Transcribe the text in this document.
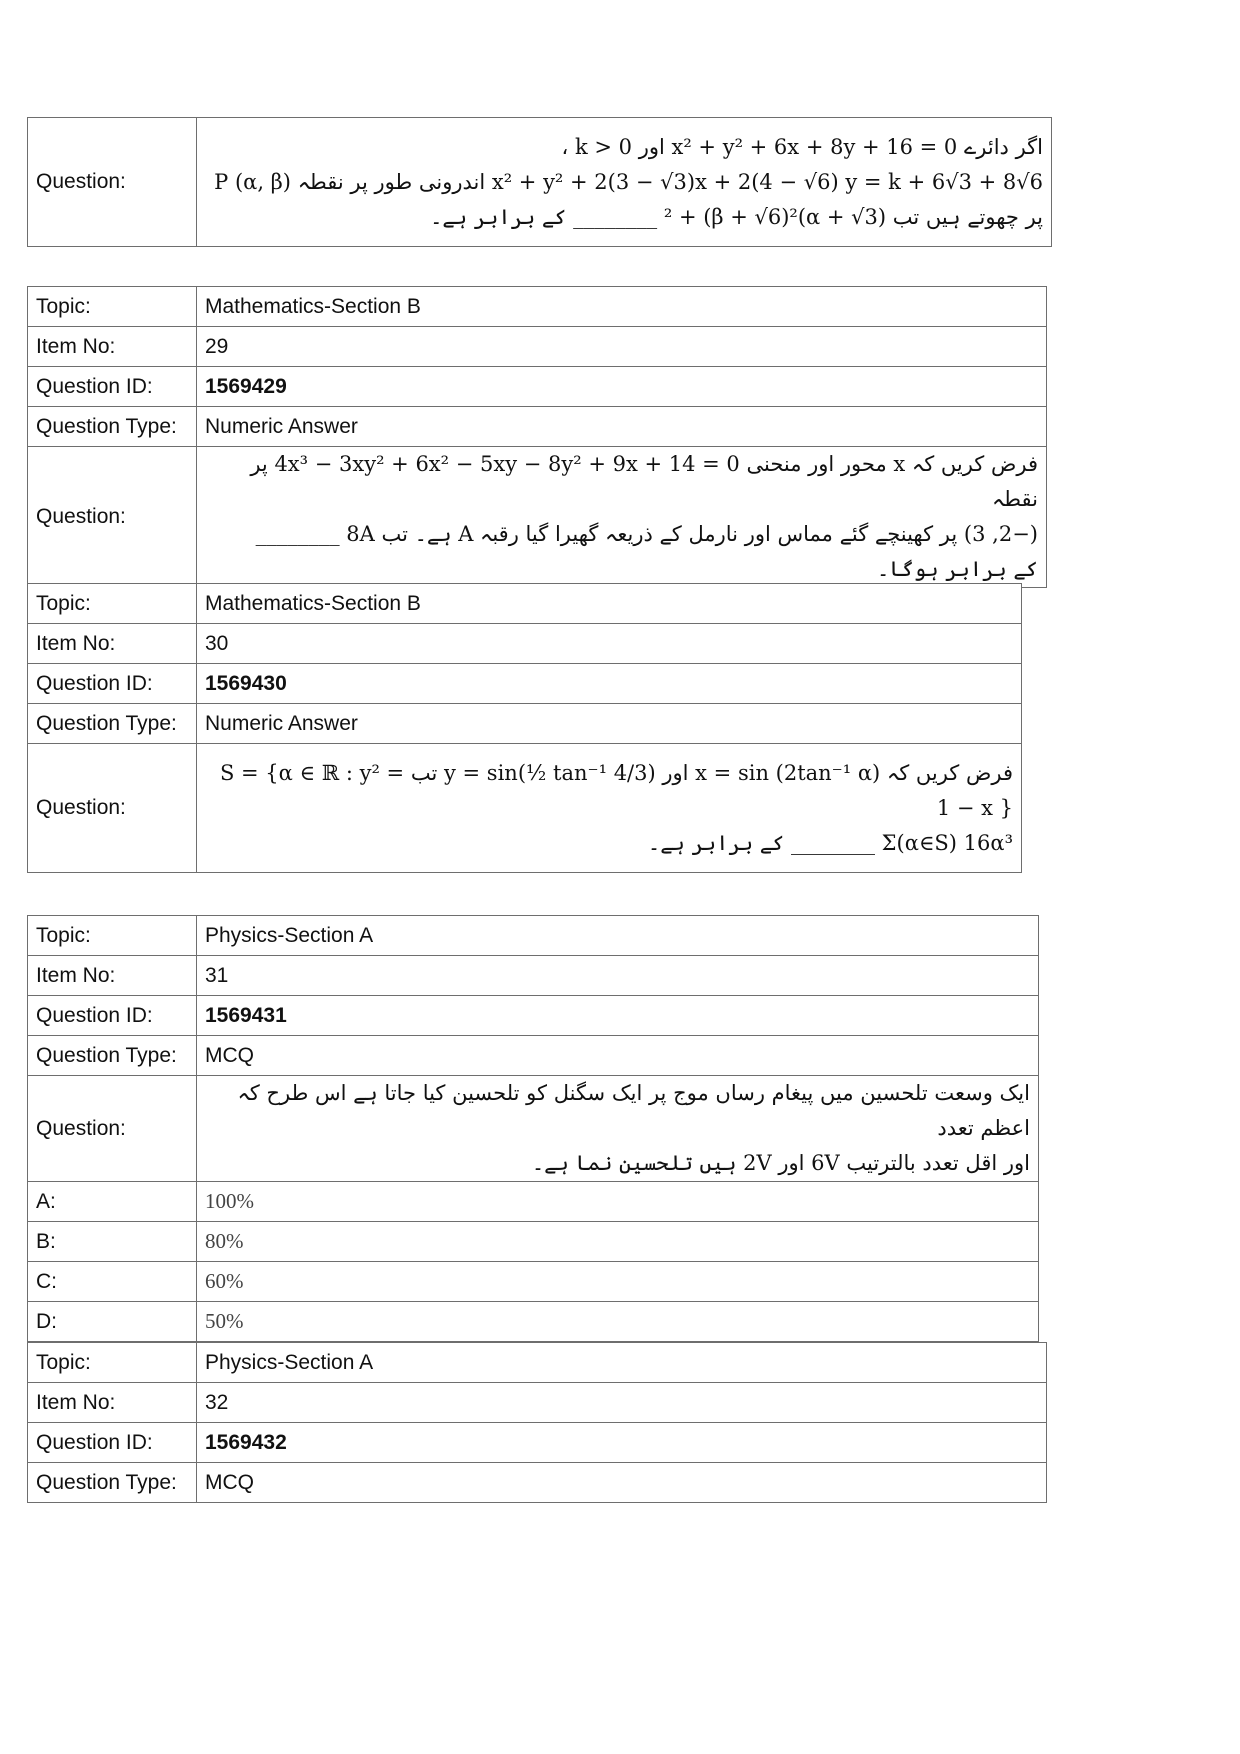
Question:	
اگر دائرے x² + y² + 6x + 8y + 16 = 0 اور k > 0 ،
x² + y² + 2(3 − √3)x + 2(4 − √6) y = k + 6√3 + 8√6 اندرونی طور پر نقطہ P (α, β)
پر چھوتے ہیں تب (α + √3)² + (β + √6)² ________ کے برابر ہے۔
Topic:	Mathematics-Section B
Item No:	29
Question ID:	1569429
Question Type:	Numeric Answer
Question:	فرض کریں کہ x محور اور منحنی 4x³ − 3xy² + 6x² − 5xy − 8y² + 9x + 14 = 0 پر نقطہ
(−2, 3) پر کھینچے گئے مماس اور نارمل کے ذریعہ گھیرا گیا رقبہ A ہے۔ تب 8A ________
کے برابر ہوگا۔
Topic:	Mathematics-Section B
Item No:	30
Question ID:	1569430
Question Type:	Numeric Answer
Question:	فرض کریں کہ x = sin (2tan⁻¹ α) اور y = sin(½ tan⁻¹ 4/3) تب S = {α ∈ ℝ : y² = 1 − x }
Σ(α∈S) 16α³ ________ کے برابر ہے۔
Topic:	Physics-Section A
Item No:	31
Question ID:	1569431
Question Type:	MCQ
Question:	ایک وسعت تلحسین میں پیغام رساں موج پر ایک سگنل کو تلحسین کیا جاتا ہے اس طرح کہ اعظم تعدد
اور اقل تعدد بالترتیب 6V اور 2V ہیں تلحسین نما ہے۔

A:	100%
B:	80%
C:	60%
D:	50%
Topic:	Physics-Section A
Item No:	32
Question ID:	1569432
Question Type:	MCQ
